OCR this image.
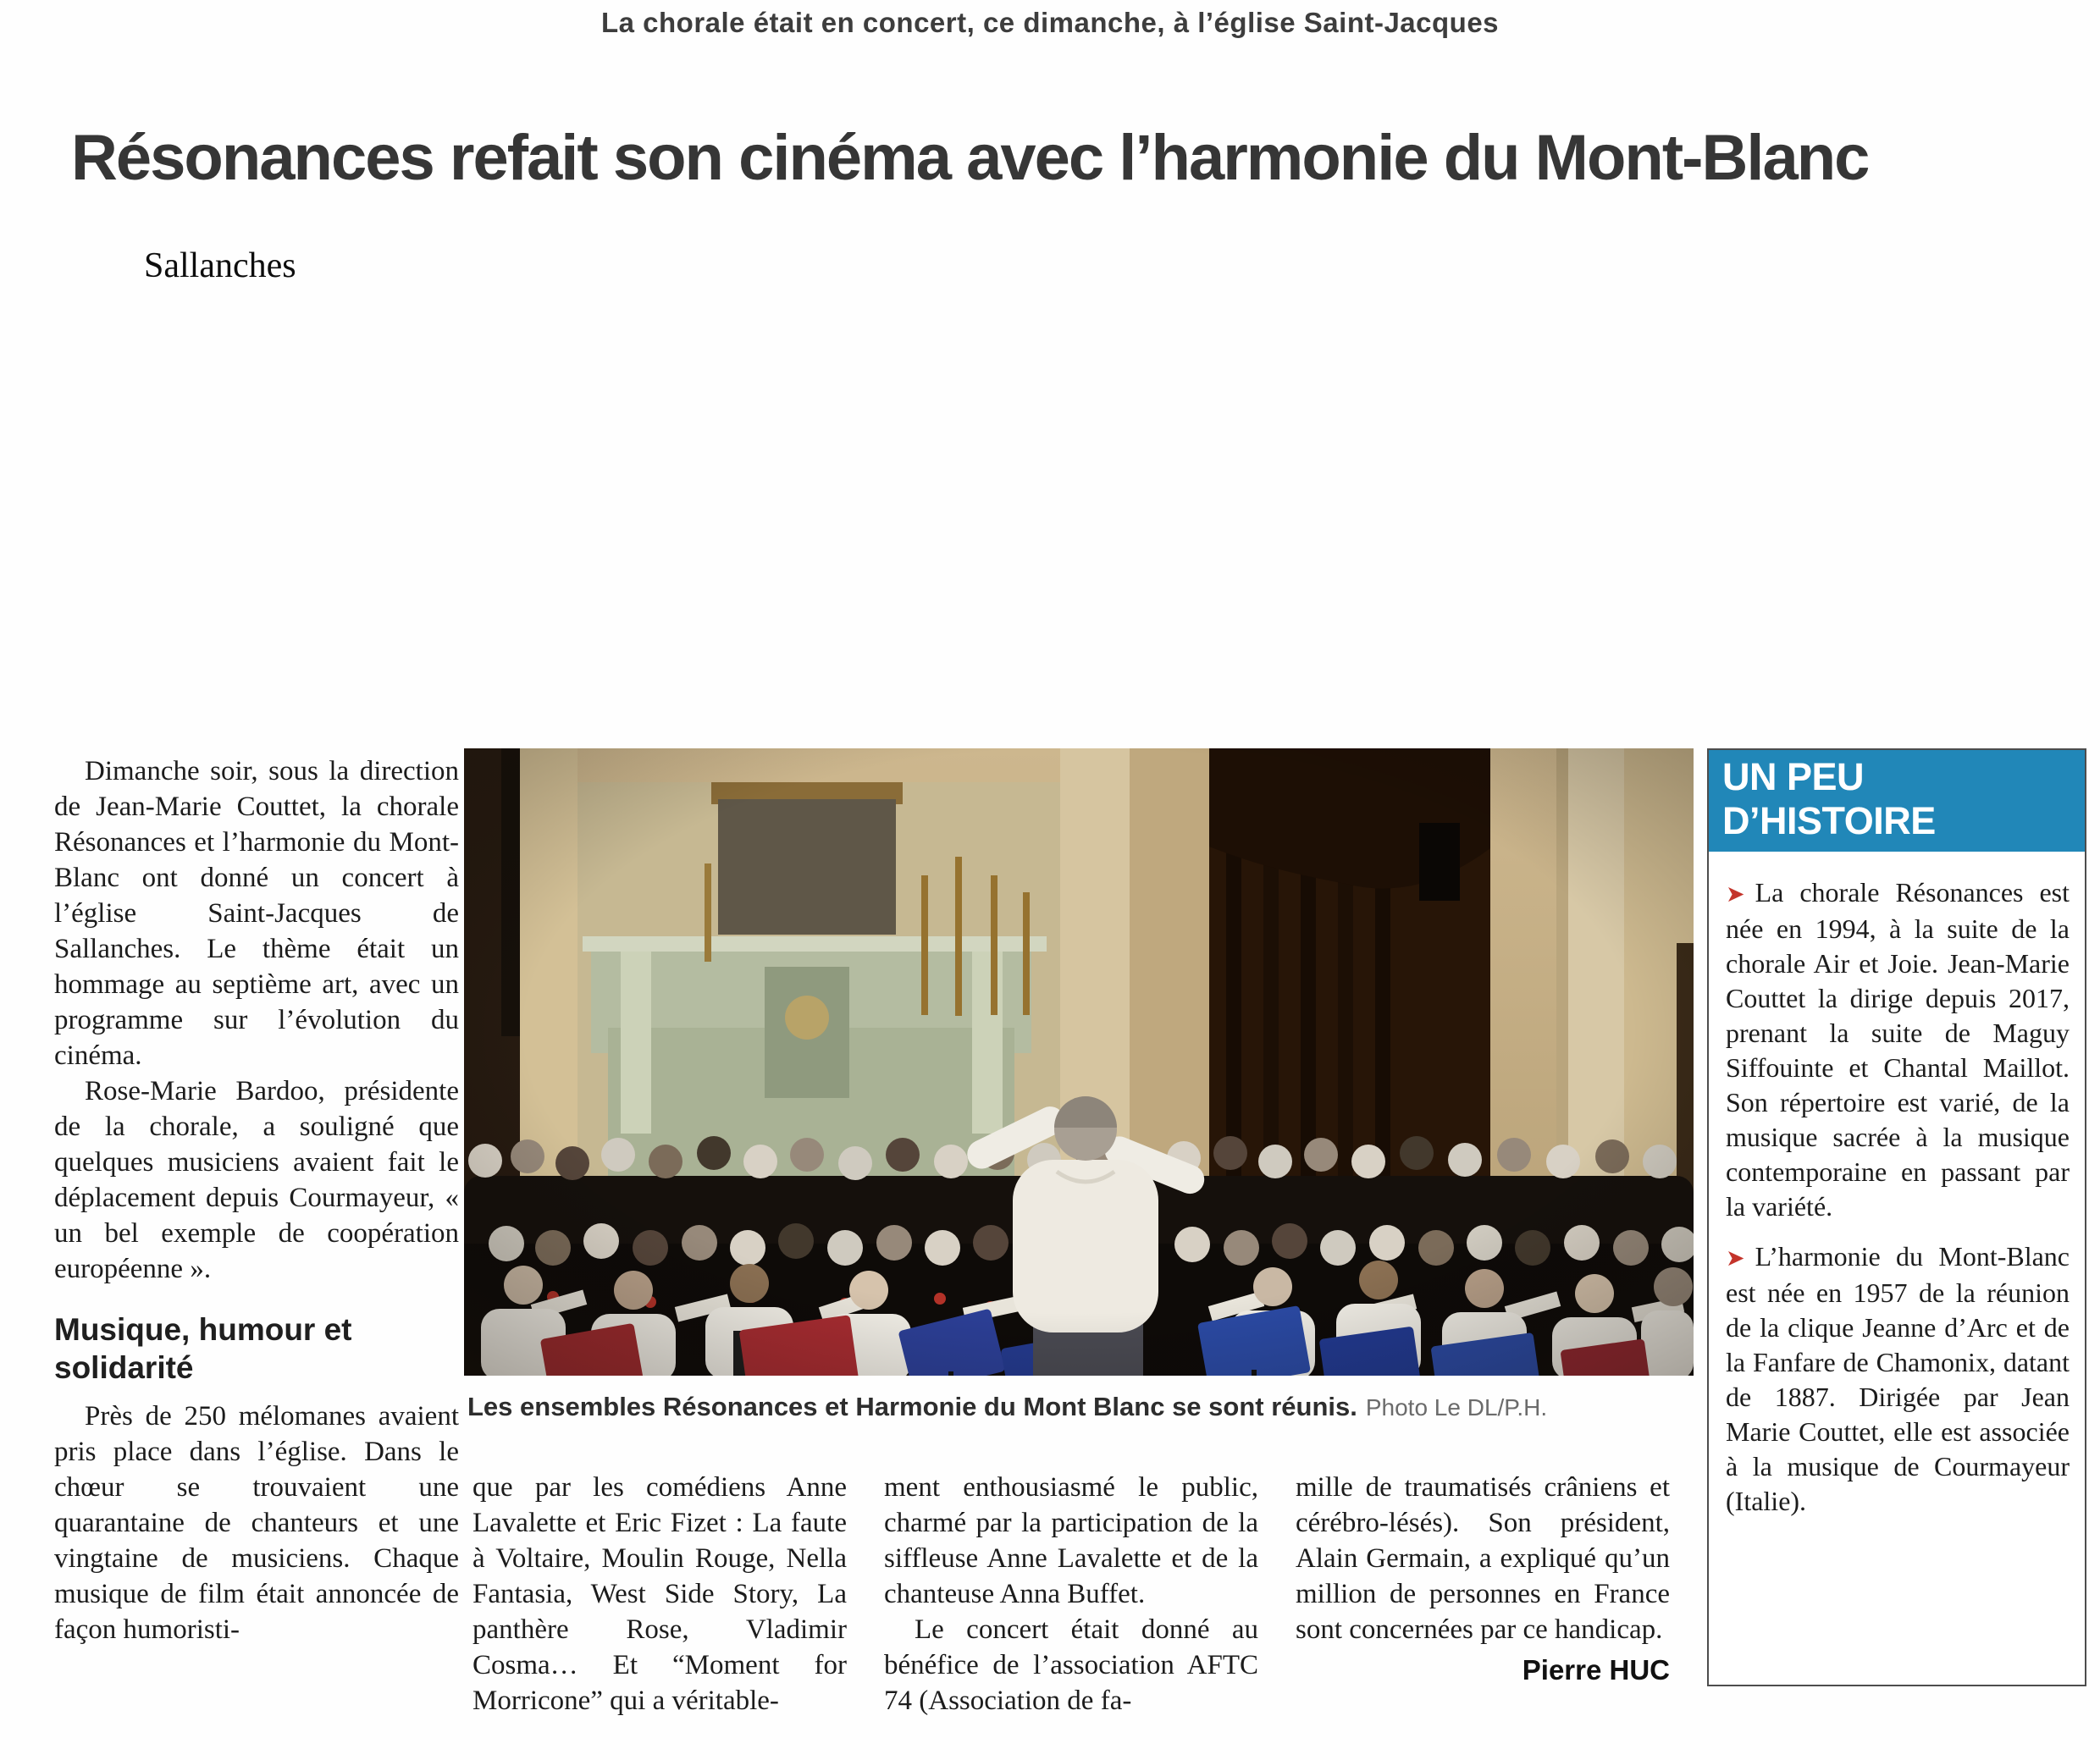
La chorale était en concert, ce dimanche, à l’église Saint-Jacques
Résonances refait son cinéma avec l’harmonie du Mont-Blanc
Sallanches

Dimanche soir, sous la direction de Jean-Marie Couttet, la chorale Résonances et l’harmonie du Mont-Blanc ont donné un concert à l’église Saint-Jacques de Sallanches. Le thème était un hommage au septième art, avec un programme sur l’évolution du cinéma.

Rose-Marie Bardoo, présidente de la chorale, a souligné que quelques musiciens avaient fait le déplacement depuis Courmayeur, « un bel exemple de coopération européenne ».

Musique, humour et solidarité

Près de 250 mélomanes avaient pris place dans l’église. Dans le chœur se trouvaient une quarantaine de chanteurs et une vingtaine de musiciens. Chaque musique de film était annoncée de façon humoristi-

Les ensembles Résonances et Harmonie du Mont Blanc se sont réunis. Photo Le DL/P.H.

que par les comédiens Anne Lavalette et Eric Fizet : La faute à Voltaire, Moulin Rouge, Nella Fantasia, West Side Story, La panthère Rose, Vladimir Cosma… Et “Moment for Morricone” qui a véritable-

ment enthousiasmé le public, charmé par la participation de la siffleuse Anne Lavalette et de la chanteuse Anna Buffet.

Le concert était donné au bénéfice de l’association AFTC 74 (Association de fa-

mille de traumatisés crâniens et cérébro-lésés). Son président, Alain Germain, a expliqué qu’un million de personnes en France sont concernées par ce handicap.

Pierre HUC
UN PEU D’HISTOIRE

➤ La chorale Résonances est née en 1994, à la suite de la chorale Air et Joie. Jean-Marie Couttet la dirige depuis 2017, prenant la suite de Maguy Siffouinte et Chantal Maillot. Son répertoire est varié, de la musique sacrée à la musique contemporaine en passant par la variété.

➤ L’harmonie du Mont-Blanc est née en 1957 de la réunion de la clique Jeanne d’Arc et de la Fanfare de Chamonix, datant de 1887. Dirigée par Jean Marie Couttet, elle est associée à la musique de Courmayeur (Italie).
